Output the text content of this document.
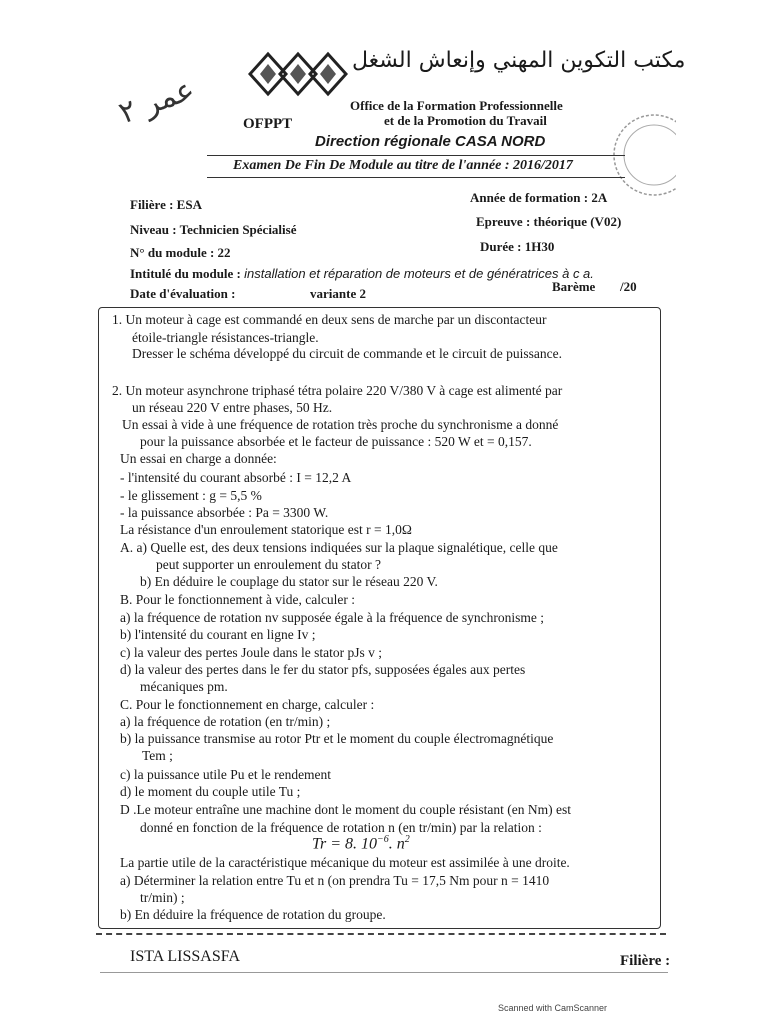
عمر ٢
مكتب التكوين المهني وإنعاش الشغل
Office de la Formation Professionnelle
et de la Promotion du Travail
OFPPT
Direction régionale CASA NORD
Examen De Fin De Module au titre de l'année : 2016/2017
Filière : ESA	Année de formation : 2A
Niveau : Technicien Spécialisé
Epreuve : théorique (V02)
N° du module : 22	Durée : 1H30
Intitulé du module : installation et réparation de moteurs et de génératrices à c a.
Date d'évaluation :	variante 2	Barème /20
1. Un moteur à cage est commandé en deux sens de marche par un discontacteur
étoile-triangle résistances-triangle.
Dresser le schéma développé du circuit de commande et le circuit de puissance.
2. Un moteur asynchrone triphasé tétra polaire 220 V/380 V à cage est alimenté par
un réseau 220 V entre phases, 50 Hz.
Un essai à vide à une fréquence de rotation très proche du synchronisme a donné
pour la puissance absorbée et le facteur de puissance : 520 W et = 0,157.
Un essai en charge a donnée:
- l'intensité du courant absorbé : I = 12,2 A
- le glissement : g = 5,5 %
- la puissance absorbée : Pa = 3300 W.
La résistance d'un enroulement statorique est r = 1,0Ω
A. a) Quelle est, des deux tensions indiquées sur la plaque signalétique, celle que
peut supporter un enroulement du stator ?
b) En déduire le couplage du stator sur le réseau 220 V.
B. Pour le fonctionnement à vide, calculer :
a) la fréquence de rotation nv supposée égale à la fréquence de synchronisme ;
b) l'intensité du courant en ligne Iv ;
c) la valeur des pertes Joule dans le stator pJs v ;
d) la valeur des pertes dans le fer du stator pfs, supposées égales aux pertes
mécaniques pm.
C. Pour le fonctionnement en charge, calculer :
a) la fréquence de rotation (en tr/min) ;
b) la puissance transmise au rotor Ptr et le moment du couple électromagnétique
Tem ;
c) la puissance utile Pu et le rendement
d) le moment du couple utile Tu ;
D .Le moteur entraîne une machine dont le moment du couple résistant (en Nm) est
donné en fonction de la fréquence de rotation n (en tr/min) par la relation :
Tr = 8. $10^{-6}$. $n^2$
La partie utile de la caractéristique mécanique du moteur est assimilée à une droite.
a) Déterminer la relation entre Tu et n (on prendra Tu = 17,5 Nm pour n = 1410
tr/min) ;
b) En déduire la fréquence de rotation du groupe.
ISTA LISSASFA	Filière :
Scanned with CamScanner
